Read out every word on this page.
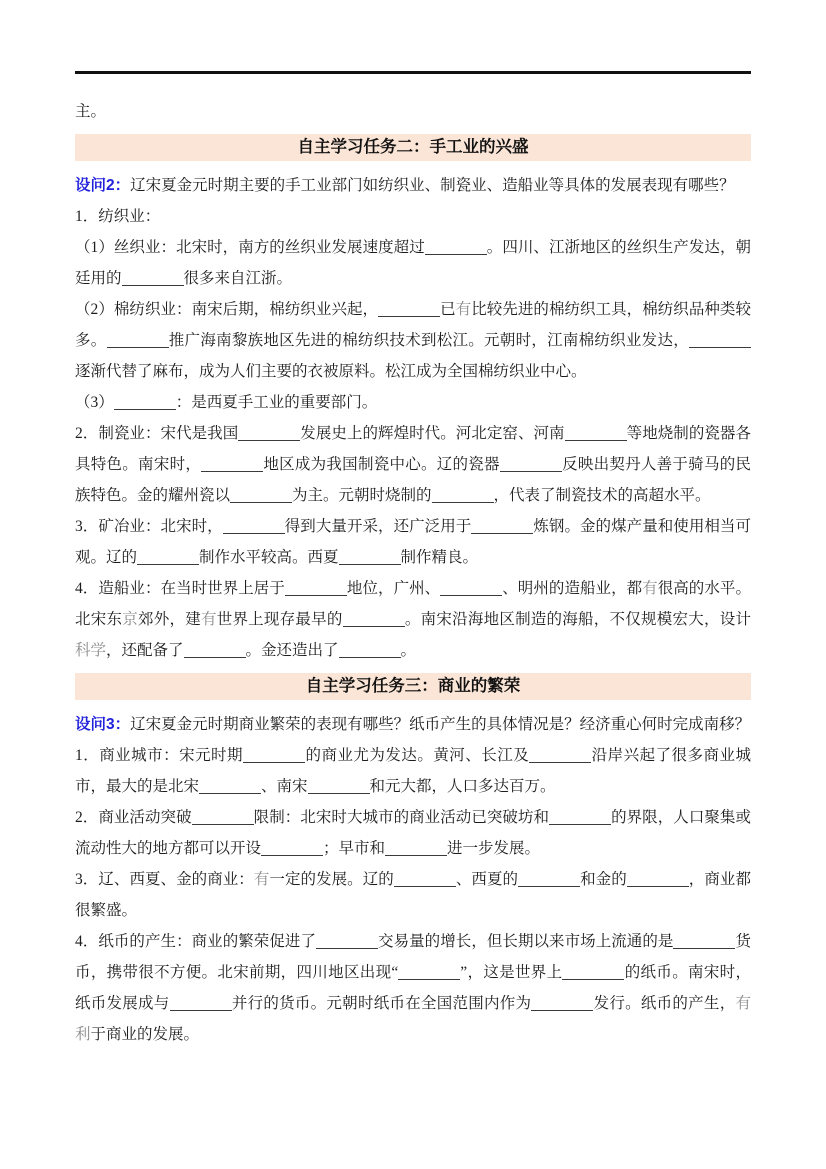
主。

自主学习任务二：手工业的兴盛

设问2：辽宋夏金元时期主要的手工业部门如纺织业、制瓷业、造船业等具体的发展表现有哪些？

1．纺织业：

（1）丝织业：北宋时，南方的丝织业发展速度超过	。四川、江浙地区的丝织生产发达，朝廷用的	很多来自江浙。

（2）棉纺织业：南宋后期，棉纺织业兴起，	已有比较先进的棉纺织工具，棉纺织品种类较多。	推广海南黎族地区先进的棉纺织技术到松江。元朝时，江南棉纺织业发达，逐渐代替了麻布，成为人们主要的衣被原料。松江成为全国棉纺织业中心。

（3）	：是西夏手工业的重要部门。

2．制瓷业：宋代是我国	发展史上的辉煌时代。河北定窑、河南	等地烧制的瓷器各具特色。南宋时，	地区成为我国制瓷中心。辽的瓷器	反映出契丹人善于骑马的民族特色。金的耀州瓷以	为主。元朝时烧制的	，代表了制瓷技术的高超水平。

3．矿冶业：北宋时，	得到大量开采，还广泛用于	炼钢。金的煤产量和使用相当可观。辽的	制作水平较高。西夏	制作精良。

4．造船业：在当时世界上居于	地位，广州、	、明州的造船业，都有很高的水平。北宋东京郊外，建有世界上现存最早的	。南宋沿海地区制造的海船，不仅规模宏大，设计科学，还配备了	。金还造出了	。

自主学习任务三：商业的繁荣

设问3：辽宋夏金元时期商业繁荣的表现有哪些？纸币产生的具体情况是？经济重心何时完成南移？

1．商业城市：宋元时期	的商业尤为发达。黄河、长江及	沿岸兴起了很多商业城市，最大的是北宋	、南宋	和元大都，人口多达百万。

2．商业活动突破	限制：北宋时大城市的商业活动已突破坊和	的界限，人口聚集或流动性大的地方都可以开设	；早市和	进一步发展。

3．辽、西夏、金的商业：有一定的发展。辽的	、西夏的	和金的	，商业都很繁盛。

4．纸币的产生：商业的繁荣促进了	交易量的增长，但长期以来市场上流通的是	货币，携带很不方便。北宋前期，四川地区出现“	”，这是世界上	的纸币。南宋时，纸币发展成与	并行的货币。元朝时纸币在全国范围内作为	发行。纸币的产生，有利于商业的发展。
